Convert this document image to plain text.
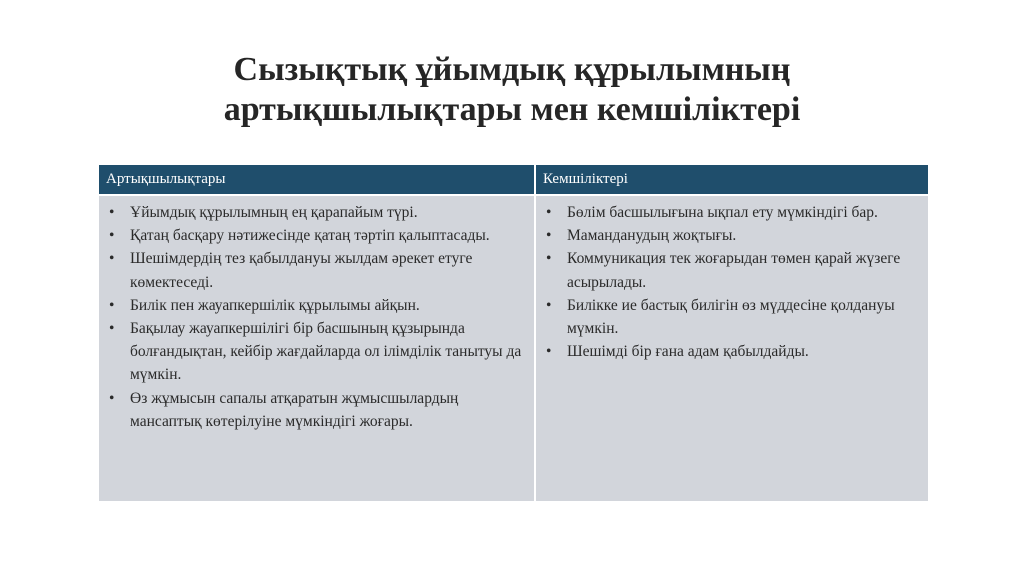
Сызықтық ұйымдық құрылымның
артықшылықтары мен кемшіліктері
Артықшылықтары	Кемшіліктері
• Ұйымдық құрылымның ең қарапайым түрі.
• Қатаң басқару нәтижесінде қатаң тәртіп қалыптасады.
• Шешімдердің тез қабылдануы жылдам әрекет етуге көмектеседі.
• Билік пен жауапкершілік құрылымы айқын.
• Бақылау жауапкершілігі бір басшының құзырында болғандықтан, кейбір жағдайларда ол ілімділік танытуы да мүмкін.
• Өз жұмысын сапалы атқаратын жұмысшылардың мансаптық көтерілуіне мүмкіндігі жоғары.
• Бөлім басшылығына ықпал ету мүмкіндігі бар.
• Маманданудың жоқтығы.
• Коммуникация тек жоғарыдан төмен қарай жүзеге асырылады.
• Билікке ие бастық билігін өз мүддесіне қолдануы мүмкін.
• Шешімді бір ғана адам қабылдайды.
